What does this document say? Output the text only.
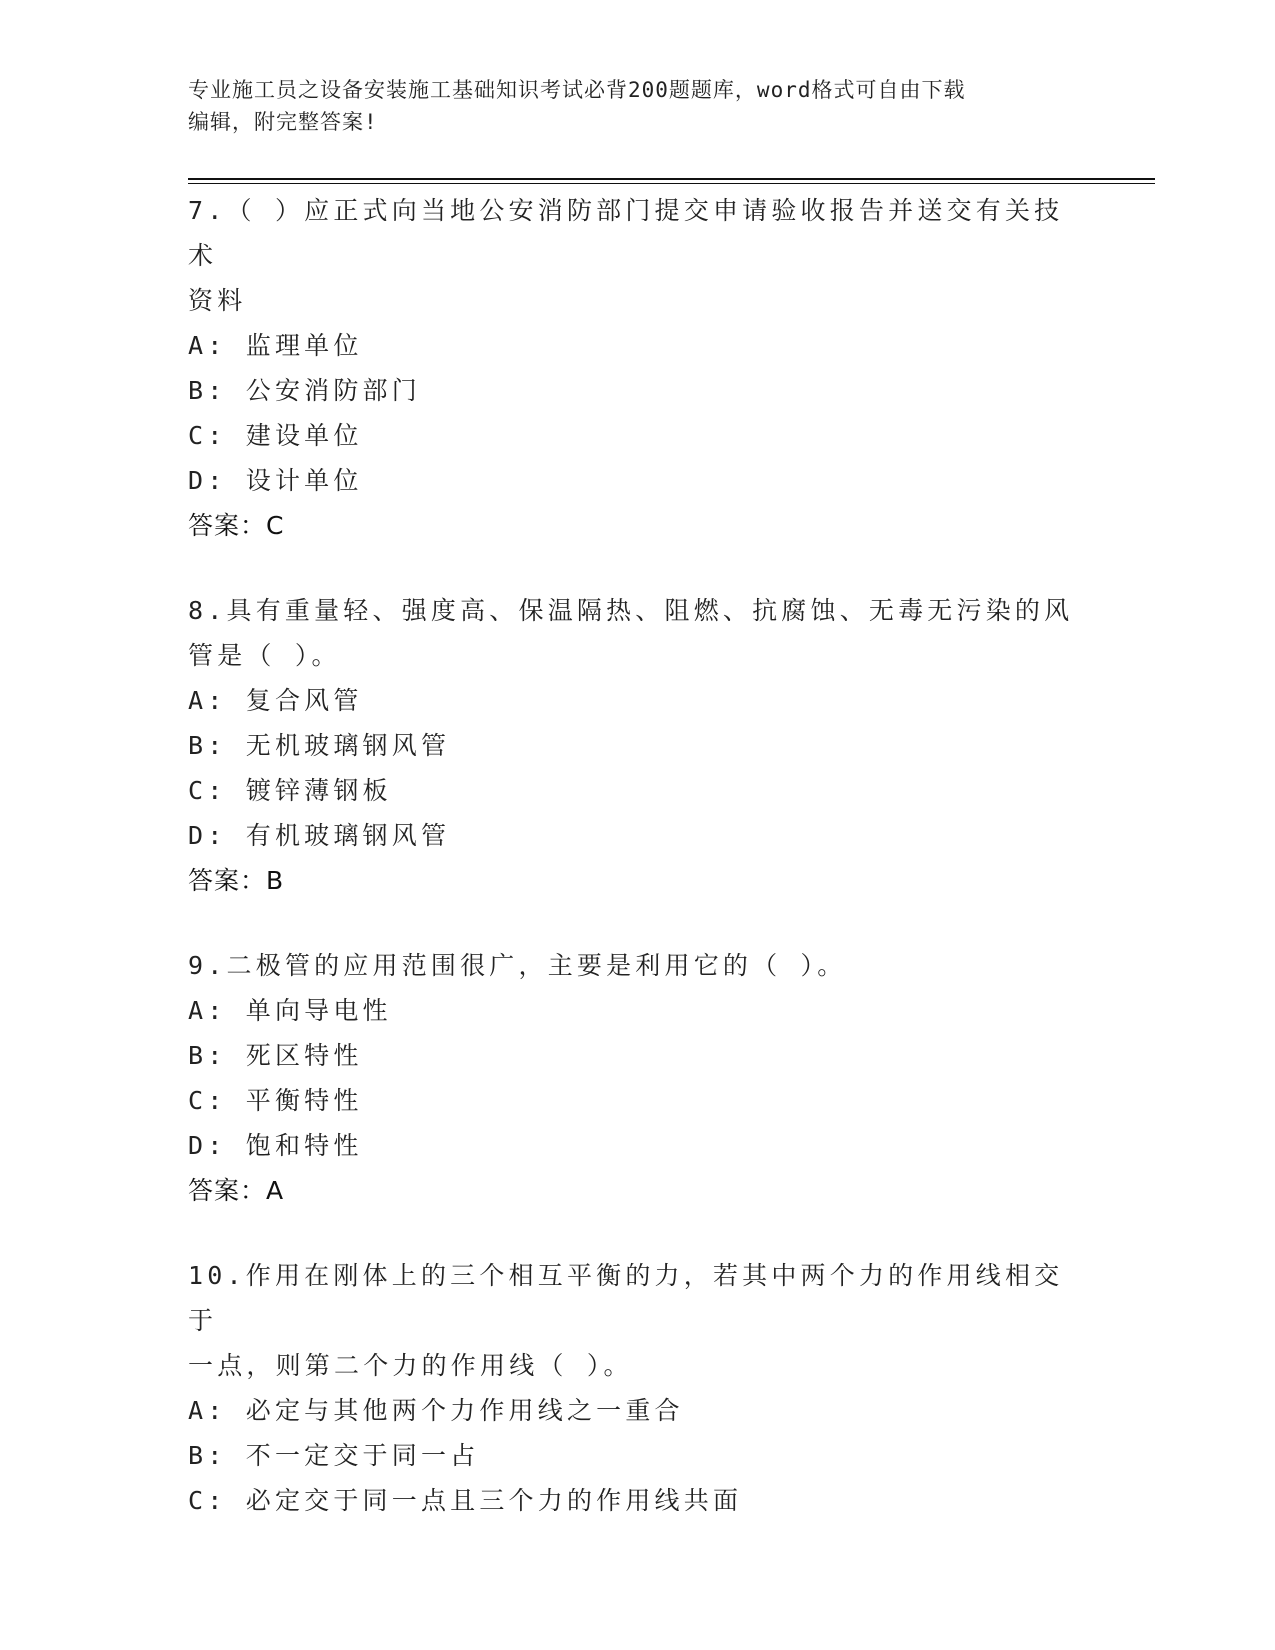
专业施工员之设备安装施工基础知识考试必背200题题库，word格式可自由下载
编辑，附完整答案!

7.（ ）应正式向当地公安消防部门提交申请验收报告并送交有关技术

资料

A: 监理单位

B: 公安消防部门

C: 建设单位

D: 设计单位

答案：C

8.具有重量轻、强度高、保温隔热、阻燃、抗腐蚀、无毒无污染的风

管是（ ）。

A: 复合风管

B: 无机玻璃钢风管

C: 镀锌薄钢板

D: 有机玻璃钢风管

答案：B

9.二极管的应用范围很广，主要是利用它的（ ）。

A: 单向导电性

B: 死区特性

C: 平衡特性

D: 饱和特性

答案：A

10.作用在刚体上的三个相互平衡的力，若其中两个力的作用线相交于

一点，则第二个力的作用线（ ）。

A: 必定与其他两个力作用线之一重合

B: 不一定交于同一占

C: 必定交于同一点且三个力的作用线共面
